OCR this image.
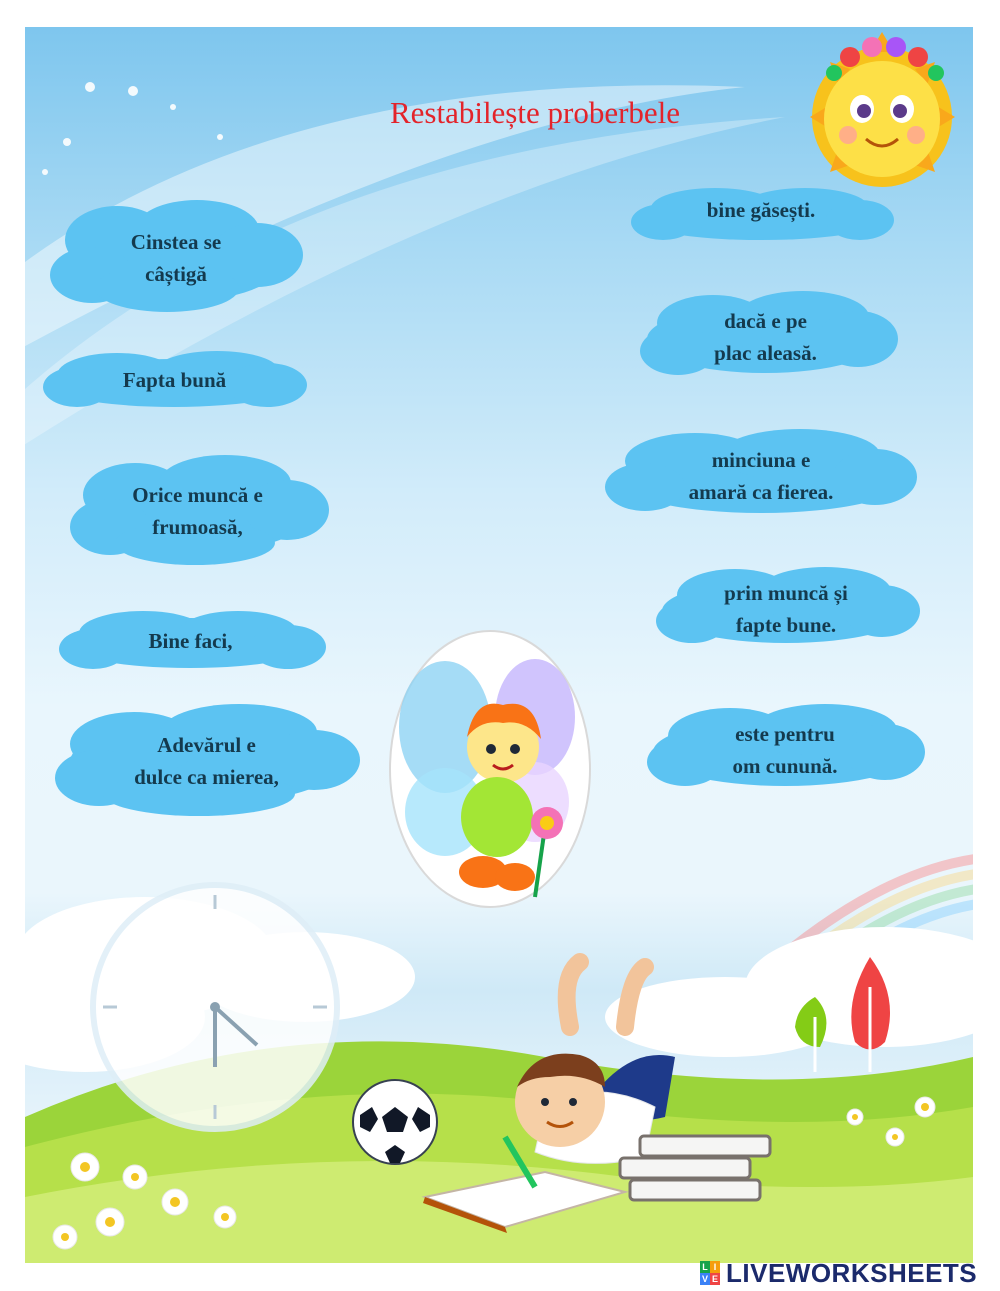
Restabilește proberbele
Cinstea se
câștigă
Fapta bună
Orice muncă e
frumoasă,
Bine faci,
Adevărul e
dulce ca mierea,
bine găsești.
dacă e pe
plac aleasă.
minciuna e
amară ca fierea.
prin muncă și
fapte bune.
este pentru
om cunună.
L I
V E LIVEWORKSHEETS
